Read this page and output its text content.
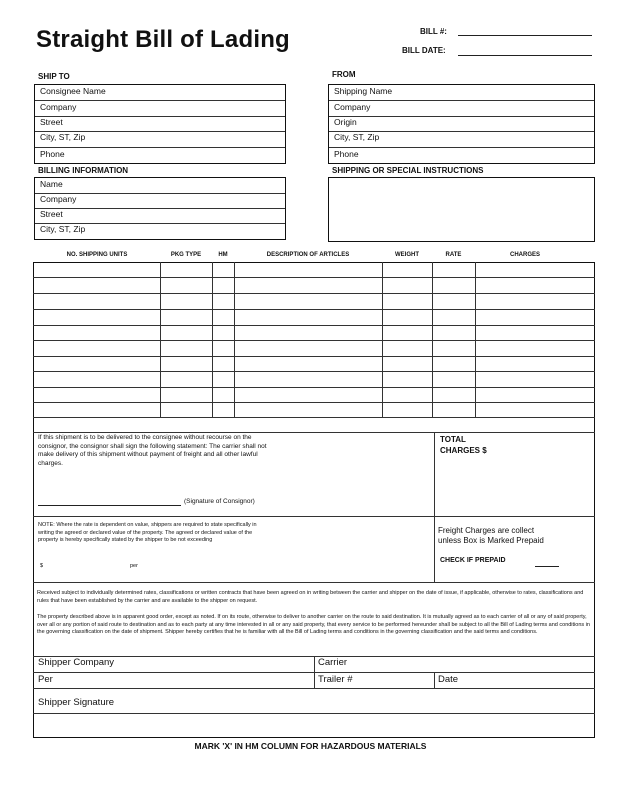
Straight Bill of Lading	BILL #:
BILL DATE:
SHIP TO
Consignee Name
Company
Street
City, ST, Zip
Phone
FROM
Shipping Name
Company
Origin
City, ST, Zip
Phone
BILLING INFORMATION
Name
Company
Street
City, ST, Zip
SHIPPING OR SPECIAL INSTRUCTIONS
NO. SHIPPING UNITS	PKG TYPE	HM	DESCRIPTION OF ARTICLES	WEIGHT	RATE	CHARGES
If this shipment is to be delivered to the consignee without recourse on the consignor, the consignor shall sign the following statement: The carrier shall not make delivery of this shipment without payment of freight and all other lawful charges.
(Signature of Consignor)
TOTAL
CHARGES $
NOTE: Where the rate is dependent on value, shippers are required to state specifically in writing the agreed or declared value of the property. The agreed or declared value of the property is hereby specifically stated by the shipper to be not exceeding
$	per
Freight Charges are collect
unless Box is Marked Prepaid
CHECK IF PREPAID
Received subject to individually determined rates, classifications or written contracts that have been agreed on in writing between the carrier and shipper on the date of issue, if applicable, otherwise to rates, classifications and rules that have been established by the carrier and are available to the shipper on request.
The property described above is in apparent good order, except as noted. If on its route, otherwise to deliver to another carrier on the route to said destination. It is mutually agreed as to each carrier of all or any of said property, over all or any portion of said route to destination and as to each party at any time interested in all or any said property, that every service to be performed hereunder shall be subject to all the Bill of Lading terms and conditions in the governing classification on the date of shipment. Shipper hereby certifies that he is familiar with all the Bill of Lading terms and conditions in the governing classification and the said terms and conditions.
Shipper Company	Carrier
Per	Trailer #	Date
Shipper Signature
MARK 'X' IN HM COLUMN FOR HAZARDOUS MATERIALS
